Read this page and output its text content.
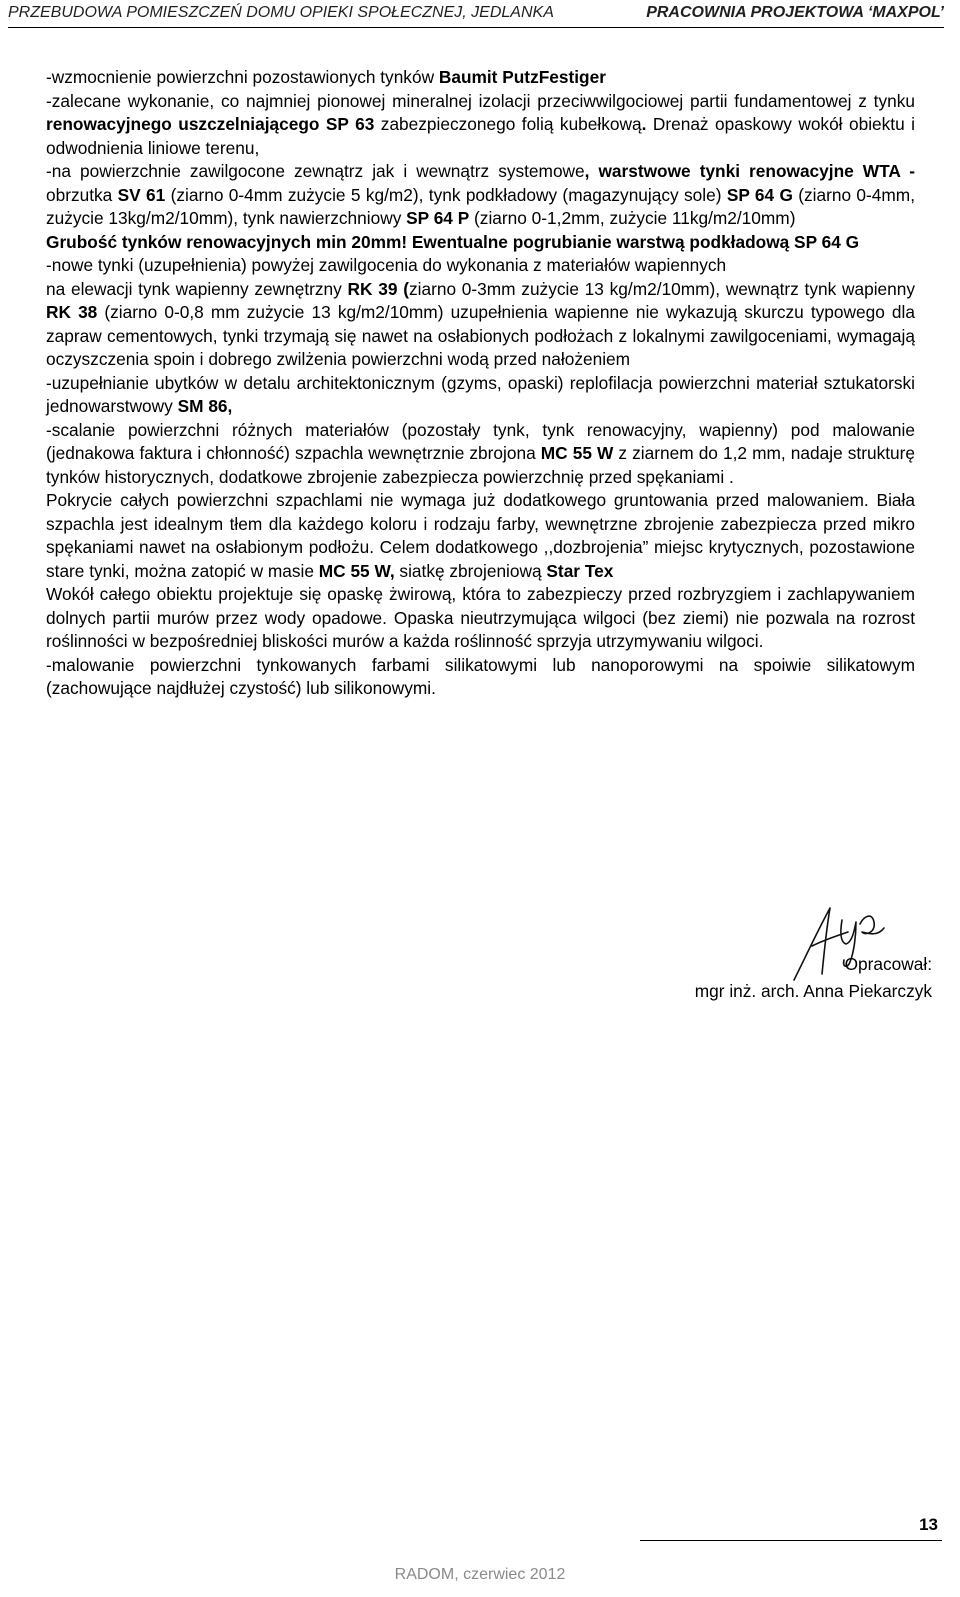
PRZEBUDOWA POMIESZCZEŃ DOMU OPIEKI SPOŁECZNEJ, JEDLANKA	PRACOWNIA PROJEKTOWA ‘MAXPOL’

-wzmocnienie powierzchni pozostawionych tynków Baumit PutzFestiger

-zalecane wykonanie, co najmniej pionowej mineralnej izolacji przeciwwilgociowej partii fundamentowej z tynku renowacyjnego uszczelniającego SP 63 zabezpieczonego folią kubełkową. Drenaż opaskowy wokół obiektu i odwodnienia liniowe terenu,

-na powierzchnie zawilgocone zewnątrz jak i wewnątrz systemowe, warstwowe tynki renowacyjne WTA - obrzutka SV 61 (ziarno 0-4mm zużycie 5 kg/m2), tynk podkładowy (magazynujący sole) SP 64 G (ziarno 0-4mm, zużycie 13kg/m2/10mm), tynk nawierzchniowy SP 64 P (ziarno 0-1,2mm, zużycie 11kg/m2/10mm)

Grubość tynków renowacyjnych min 20mm! Ewentualne pogrubianie warstwą podkładową SP 64 G

-nowe tynki (uzupełnienia) powyżej zawilgocenia do wykonania z materiałów wapiennych

na elewacji tynk wapienny zewnętrzny RK 39 (ziarno 0-3mm zużycie 13 kg/m2/10mm), wewnątrz tynk wapienny RK 38 (ziarno 0-0,8 mm zużycie 13 kg/m2/10mm) uzupełnienia wapienne nie wykazują skurczu typowego dla zapraw cementowych, tynki trzymają się nawet na osłabionych podłożach z lokalnymi zawilgoceniami, wymagają oczyszczenia spoin i dobrego zwilżenia powierzchni wodą przed nałożeniem

-uzupełnianie ubytków w detalu architektonicznym (gzyms, opaski) replofilacja powierzchni materiał sztukatorski jednowarstwowy SM 86,

-scalanie powierzchni różnych materiałów (pozostały tynk, tynk renowacyjny, wapienny) pod malowanie (jednakowa faktura i chłonność) szpachla wewnętrznie zbrojona MC 55 W z ziarnem do 1,2 mm, nadaje strukturę tynków historycznych, dodatkowe zbrojenie zabezpiecza powierzchnię przed spękaniami .

Pokrycie całych powierzchni szpachlami nie wymaga już dodatkowego gruntowania przed malowaniem. Biała szpachla jest idealnym tłem dla każdego koloru i rodzaju farby, wewnętrzne zbrojenie zabezpiecza przed mikro spękaniami nawet na osłabionym podłożu. Celem dodatkowego ,,dozbrojenia” miejsc krytycznych, pozostawione stare tynki, można zatopić w masie MC 55 W, siatkę zbrojeniową Star Tex

Wokół całego obiektu projektuje się opaskę żwirową, która to zabezpieczy przed rozbryzgiem i zachlapywaniem dolnych partii murów przez wody opadowe. Opaska nieutrzymująca wilgoci (bez ziemi) nie pozwala na rozrost roślinności w bezpośredniej bliskości murów a każda roślinność sprzyja utrzymywaniu wilgoci.

-malowanie powierzchni tynkowanych farbami silikatowymi lub nanoporowymi na spoiwie silikatowym (zachowujące najdłużej czystość) lub silikonowymi.

Opracował:
mgr inż. arch. Anna Piekarczyk
13
RADOM, czerwiec 2012
